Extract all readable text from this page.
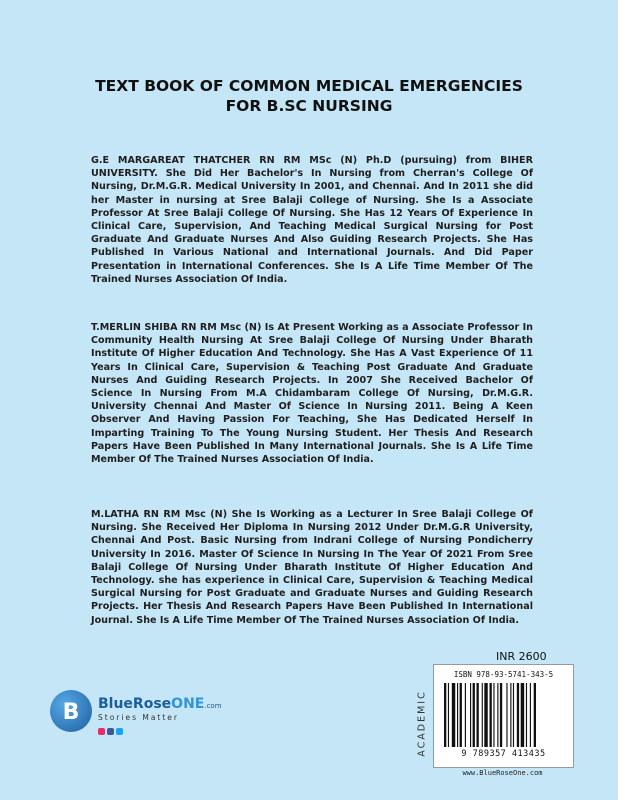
TEXT BOOK OF COMMON MEDICAL EMERGENCIES
FOR B.SC NURSING
G.E MARGAREAT THATCHER RN RM MSc (N) Ph.D (pursuing) from BIHER UNIVERSITY. She Did Her Bachelor's In Nursing from Cherran's College Of Nursing, Dr.M.G.R. Medical University In 2001, and Chennai. And In 2011 she did her Master in nursing at Sree Balaji College of Nursing. She Is a Associate Professor At Sree Balaji College Of Nursing. She Has 12 Years Of Experience In Clinical Care, Supervision, And Teaching Medical Surgical Nursing for Post Graduate And Graduate Nurses And Also Guiding Research Projects. She Has Published In Various National and International Journals. And Did Paper Presentation in International Conferences. She Is A Life Time Member Of The Trained Nurses Association Of India.
T.MERLIN SHIBA RN RM Msc (N) Is At Present Working as a Associate Professor In Community Health Nursing At Sree Balaji College Of Nursing Under Bharath Institute Of Higher Education And Technology. She Has A Vast Experience Of 11 Years In Clinical Care, Supervision & Teaching Post Graduate And Graduate Nurses And Guiding Research Projects. In 2007 She Received Bachelor Of Science In Nursing From M.A Chidambaram College Of Nursing, Dr.M.G.R. University Chennai And Master Of Science In Nursing 2011. Being A Keen Observer And Having Passion For Teaching, She Has Dedicated Herself In Imparting Training To The Young Nursing Student. Her Thesis And Research Papers Have Been Published In Many International Journals. She Is A Life Time Member Of The Trained Nurses Association Of India.
M.LATHA RN RM Msc (N) She Is Working as a Lecturer In Sree Balaji College Of Nursing. She Received Her Diploma In Nursing 2012 Under Dr.M.G.R University, Chennai And Post. Basic Nursing from Indrani College of Nursing Pondicherry University In 2016. Master Of Science In Nursing In The Year Of 2021 From Sree Balaji College Of Nursing Under Bharath Institute Of Higher Education And Technology. she has experience in Clinical Care, Supervision & Teaching Medical Surgical Nursing for Post Graduate and Graduate Nurses and Guiding Research Projects. Her Thesis And Research Papers Have Been Published In International Journal. She Is A Life Time Member Of The Trained Nurses Association Of India.
B BlueRoseONE.com
Stories Matter
INR 2600
ACADEMIC
ISBN 978-93-5741-343-5
9 789357 413435
www.BlueRoseOne.com
